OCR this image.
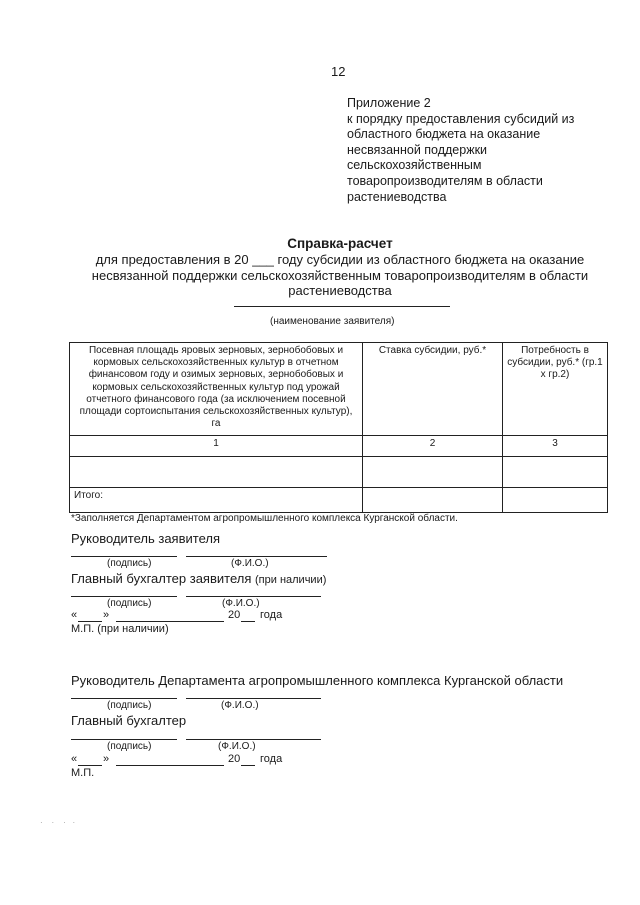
12
Приложение 2
к порядку предоставления субсидий из
областного бюджета на оказание
несвязанной поддержки
сельскохозяйственным
товаропроизводителям в области
растениеводства
Справка-расчет
для предоставления в 20 ___ году субсидии из областного бюджета на оказание
несвязанной поддержки сельскохозяйственным товаропроизводителям в области
растениеводства
(наименование заявителя)
Посевная площадь яровых зерновых, зернобобовых и кормовых сельскохозяйственных культур в отчетном финансовом году и озимых зерновых, зернобобовых и кормовых сельскохозяйственных культур под урожай отчетного финансового года (за исключением посевной площади сортоиспытания сельскохозяйственных культур), га	Ставка субсидии, руб.*	Потребность в субсидии, руб.* (гр.1 х гр.2)
1	2	3

Итого:		
*Заполняется Департаментом агропромышленного комплекса Курганской области.
Руководитель заявителя
(подпись)	(Ф.И.О.)
Главный бухгалтер заявителя (при наличии)
(подпись)	(Ф.И.О.)
« »	20 года
М.П. (при наличии)
Руководитель Департамента агропромышленного комплекса Курганской области
(подпись)	(Ф.И.О.)
Главный бухгалтер
(подпись)	(Ф.И.О.)
« »	20 года
М.П.
·    ·    ·   ·
